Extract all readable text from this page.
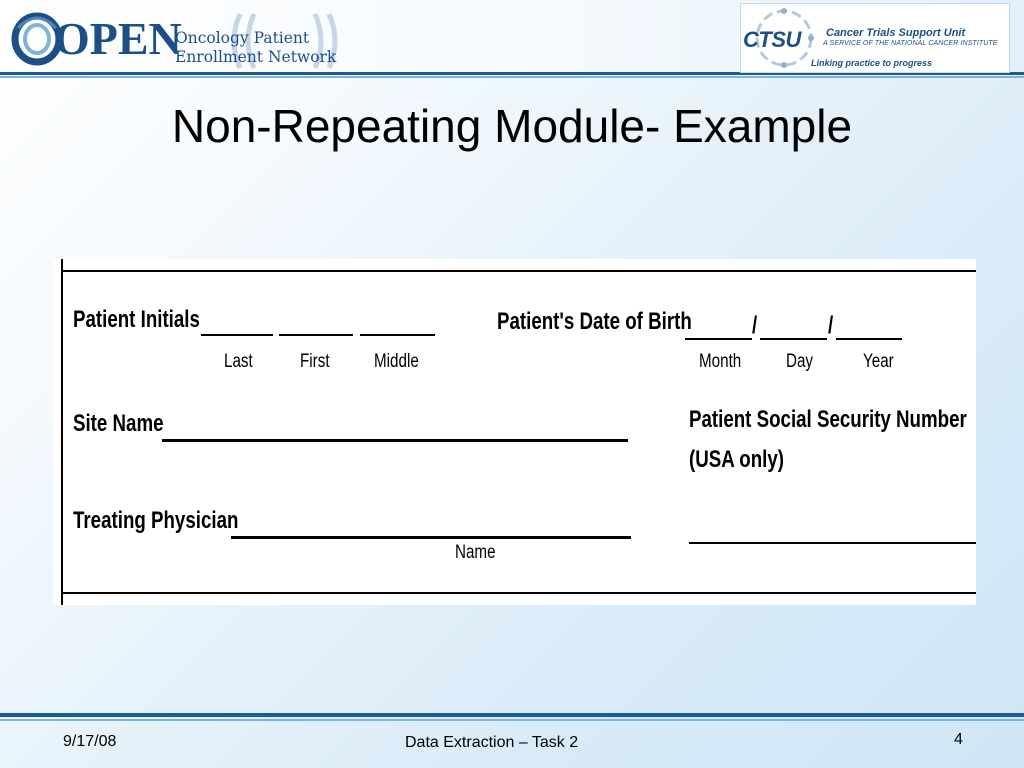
OPEN
Oncology Patient
Enrollment Network
CTSU Cancer Trials Support Unit
A SERVICE OF THE NATIONAL CANCER INSTITUTE
Linking practice to progress
Non-Repeating Module- Example
Patient Initials
Last First Middle
Patient's Date of Birth	/	/
Month Day	Year
Site Name	Patient Social Security Number
(USA only)
Treating Physician
Name
9/17/08	Data Extraction – Task 2	4
